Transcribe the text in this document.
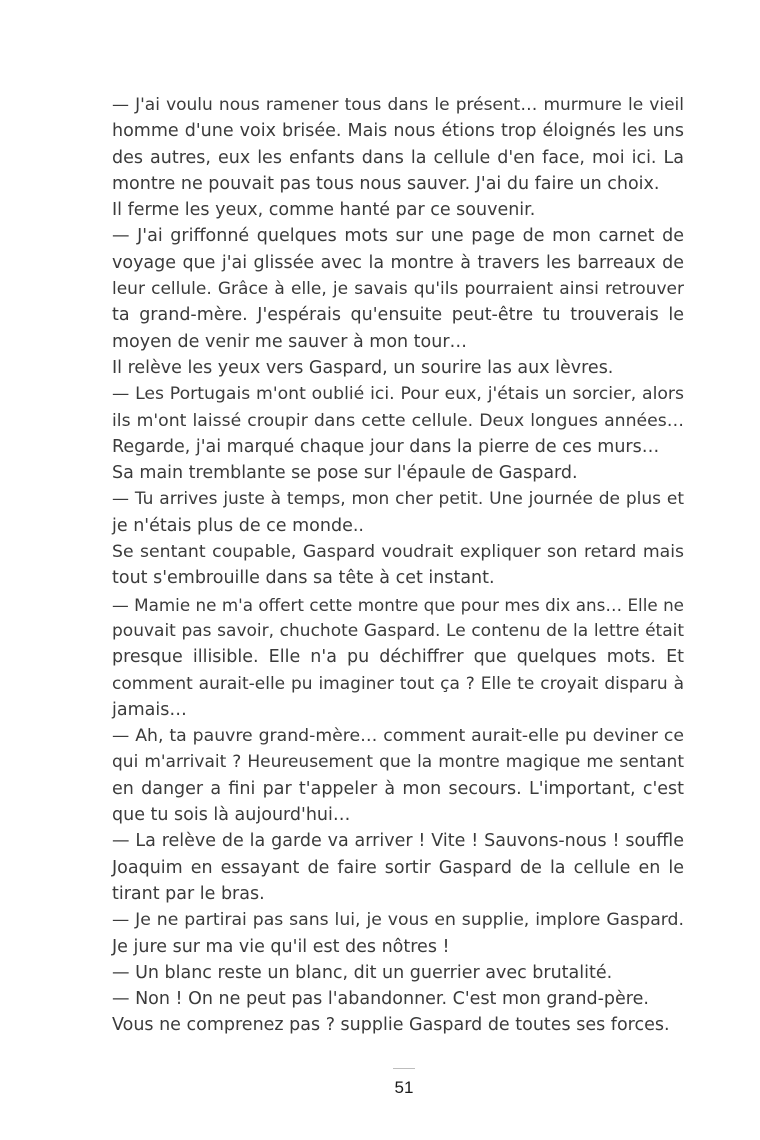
— J'ai voulu nous ramener tous dans le présent… murmure le vieil
homme d'une voix brisée. Mais nous étions trop éloignés les uns
des autres, eux les enfants dans la cellule d'en face, moi ici. La
montre ne pouvait pas tous nous sauver. J'ai du faire un choix.
Il ferme les yeux, comme hanté par ce souvenir.
— J'ai griffonné quelques mots sur une page de mon carnet de
voyage que j'ai glissée avec la montre à travers les barreaux de
leur cellule. Grâce à elle, je savais qu'ils pourraient ainsi retrouver
ta grand-mère. J'espérais qu'ensuite peut-être tu trouverais le
moyen de venir me sauver à mon tour…
Il relève les yeux vers Gaspard, un sourire las aux lèvres.
— Les Portugais m'ont oublié ici. Pour eux, j'étais un sorcier, alors
ils m'ont laissé croupir dans cette cellule. Deux longues années…
Regarde, j'ai marqué chaque jour dans la pierre de ces murs…
Sa main tremblante se pose sur l'épaule de Gaspard.
— Tu arrives juste à temps, mon cher petit. Une journée de plus et
je n'étais plus de ce monde..
Se sentant coupable, Gaspard voudrait expliquer son retard mais
tout s'embrouille dans sa tête à cet instant.
— Mamie ne m'a offert cette montre que pour mes dix ans… Elle ne
pouvait pas savoir, chuchote Gaspard. Le contenu de la lettre était
presque illisible. Elle n'a pu déchiffrer que quelques mots. Et
comment aurait-elle pu imaginer tout ça ? Elle te croyait disparu à
jamais…
— Ah, ta pauvre grand-mère… comment aurait-elle pu deviner ce
qui m'arrivait ? Heureusement que la montre magique me sentant
en danger a fini par t'appeler à mon secours. L'important, c'est
que tu sois là aujourd'hui…
— La relève de la garde va arriver ! Vite ! Sauvons-nous ! souffle
Joaquim en essayant de faire sortir Gaspard de la cellule en le
tirant par le bras.
— Je ne partirai pas sans lui, je vous en supplie, implore Gaspard.
Je jure sur ma vie qu'il est des nôtres !
— Un blanc reste un blanc, dit un guerrier avec brutalité.
— Non ! On ne peut pas l'abandonner. C'est mon grand-père.
Vous ne comprenez pas ? supplie Gaspard de toutes ses forces.
51
